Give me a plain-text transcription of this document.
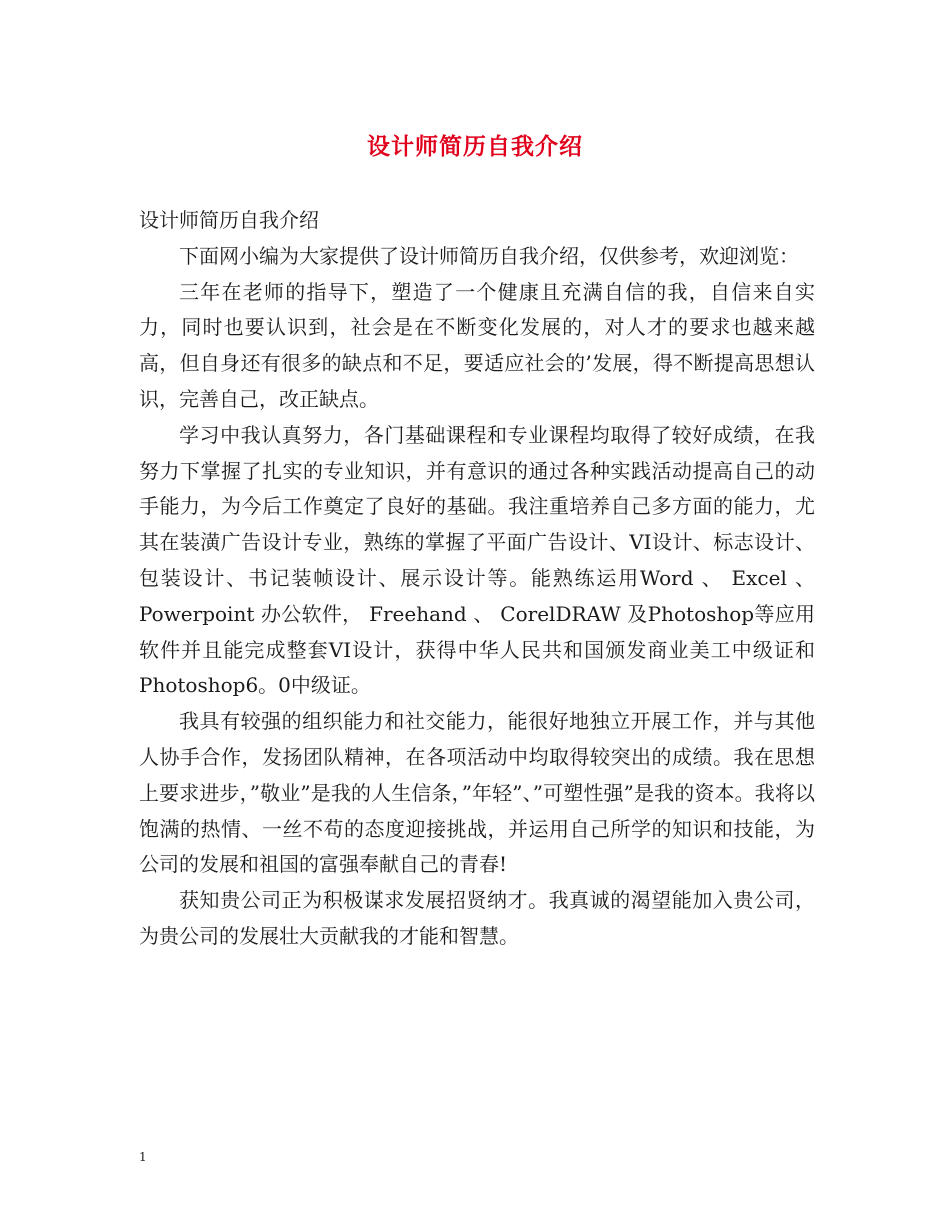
设计师简历自我介绍

设计师简历自我介绍

下面网小编为大家提供了设计师简历自我介绍，仅供参考，欢迎浏览：

三年在老师的指导下，塑造了一个健康且充满自信的我，自信来自实力，同时也要认识到，社会是在不断变化发展的，对人才的要求也越来越高，但自身还有很多的缺点和不足，要适应社会的’发展，得不断提高思想认识，完善自己，改正缺点。

学习中我认真努力，各门基础课程和专业课程均取得了较好成绩，在我努力下掌握了扎实的专业知识，并有意识的通过各种实践活动提高自己的动手能力，为今后工作奠定了良好的基础。我注重培养自己多方面的能力，尤其在装潢广告设计专业，熟练的掌握了平面广告设计、VI设计、标志设计、包装设计、书记装帧设计、展示设计等。能熟练运用Word 、 Excel 、 Powerpoint 办公软件， Freehand 、 CorelDRAW 及Photoshop等应用软件并且能完成整套VI设计，获得中华人民共和国颁发商业美工中级证和Photoshop6。0中级证。

我具有较强的组织能力和社交能力，能很好地独立开展工作，并与其他人协手合作，发扬团队精神，在各项活动中均取得较突出的成绩。我在思想上要求进步，”敬业”是我的人生信条，”年轻”、”可塑性强”是我的资本。我将以饱满的热情、一丝不苟的态度迎接挑战，并运用自己所学的知识和技能，为公司的发展和祖国的富强奉献自己的青春!

获知贵公司正为积极谋求发展招贤纳才。我真诚的渴望能加入贵公司，为贵公司的发展壮大贡献我的才能和智慧。

1
